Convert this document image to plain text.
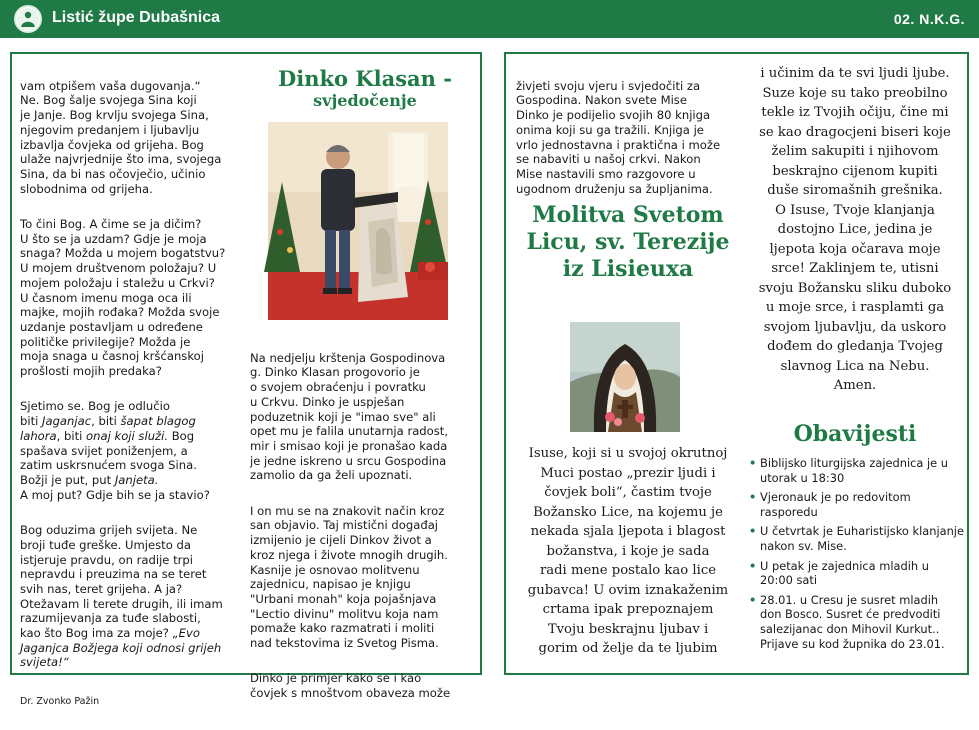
Listić župe Dubašnica	02. N.K.G.

vam otpišem vaša dugovanja.“
Ne. Bog šalje svojega Sina koji
je Janje. Bog krvlju svojega Sina,
njegovim predanjem i ljubavlju
izbavlja čovjeka od grijeha. Bog
ulaže najvrjednije što ima, svojega
Sina, da bi nas očovječio, učinio
slobodnima od grijeha.

To čini Bog. A čime se ja dičim?
U što se ja uzdam? Gdje je moja
snaga? Možda u mojem bogatstvu?
U mojem društvenom položaju? U
mojem položaju i staležu u Crkvi?
U časnom imenu moga oca ili
majke, mojih rođaka? Možda svoje
uzdanje postavljam u određene
političke privilegije? Možda je
moja snaga u časnoj kršćanskoj
prošlosti mojih predaka?

Sjetimo se. Bog je odlučio
biti Jaganjac, biti šapat blagog
lahora, biti onaj koji služi. Bog
spašava svijet poniženjem, a
zatim uskrsnućem svoga Sina.
Božji je put, put Janjeta.
A moj put? Gdje bih se ja stavio?

Bog oduzima grijeh svijeta. Ne
broji tuđe greške. Umjesto da
istjeruje pravdu, on radije trpi
nepravdu i preuzima na se teret
svih nas, teret grijeha. A ja?
Otežavam li terete drugih, ili imam
razumijevanja za tuđe slabosti,
kao što Bog ima za moje? „Evo
Jaganjca Božjega koji odnosi grijeh
svijeta!“

Dr. Zvonko Pažin

Dinko Klasan -
svjedočenje

Na nedjelju krštenja Gospodinova
g. Dinko Klasan progovorio je
o svojem obraćenju i povratku
u Crkvu. Dinko je uspješan
poduzetnik koji je "imao sve" ali
opet mu je falila unutarnja radost,
mir i smisao koji je pronašao kada
je jedne iskreno u srcu Gospodina
zamolio da ga želi upoznati.

I on mu se na znakovit način kroz
san objavio. Taj mistični događaj
izmijenio je cijeli Dinkov život a
kroz njega i živote mnogih drugih.
Kasnije je osnovao molitvenu
zajednicu, napisao je knjigu
"Urbani monah" koja pojašnjava
"Lectio divinu" molitvu koja nam
pomaže kako razmatrati i moliti
nad tekstovima iz Svetog Pisma.

Dinko je primjer kako se i kao
čovjek s mnoštvom obaveza može

živjeti svoju vjeru i svjedočiti za
Gospodina. Nakon svete Mise
Dinko je podijelio svojih 80 knjiga
onima koji su ga tražili. Knjiga je
vrlo jednostavna i praktična i može
se nabaviti u našoj crkvi. Nakon
Mise nastavili smo razgovore u
ugodnom druženju sa župljanima.

Molitva Svetom
Licu, sv. Terezije
iz Lisieuxa
Isuse, koji si u svojoj okrutnoj
Muci postao „prezir ljudi i
čovjek boli“, častim tvoje
Božansko Lice, na kojemu je
nekada sjala ljepota i blagost
božanstva, i koje je sada
radi mene postalo kao lice
gubavca! U ovim iznakaženim
crtama ipak prepoznajem
Tvoju beskrajnu ljubav i
gorim od želje da te ljubim
i učinim da te svi ljudi ljube.
Suze koje su tako preobilno
tekle iz Tvojih očiju, čine mi
se kao dragocjeni biseri koje
želim sakupiti i njihovom
beskrajno cijenom kupiti
duše siromašnih grešnika.
O Isuse, Tvoje klanjanja
dostojno Lice, jedina je
ljepota koja očarava moje
srce! Zaklinjem te, utisni
svoju Božansku sliku duboko
u moje srce, i rasplamti ga
svojom ljubavlju, da uskoro
dođem do gledanja Tvojeg
slavnog Lica na Nebu.
Amen.
Obavijesti
• Biblijsko liturgijska zajednica je u
utorak u 18:30
• Vjeronauk je po redovitom
rasporedu
• U četvrtak je Euharistijsko klanjanje
nakon sv. Mise.
• U petak je zajednica mladih u
20:00 sati
• 28.01. u Cresu je susret mladih
don Bosco. Susret će predvoditi
salezijanac don Mihovil Kurkut..
Prijave su kod župnika do 23.01.
